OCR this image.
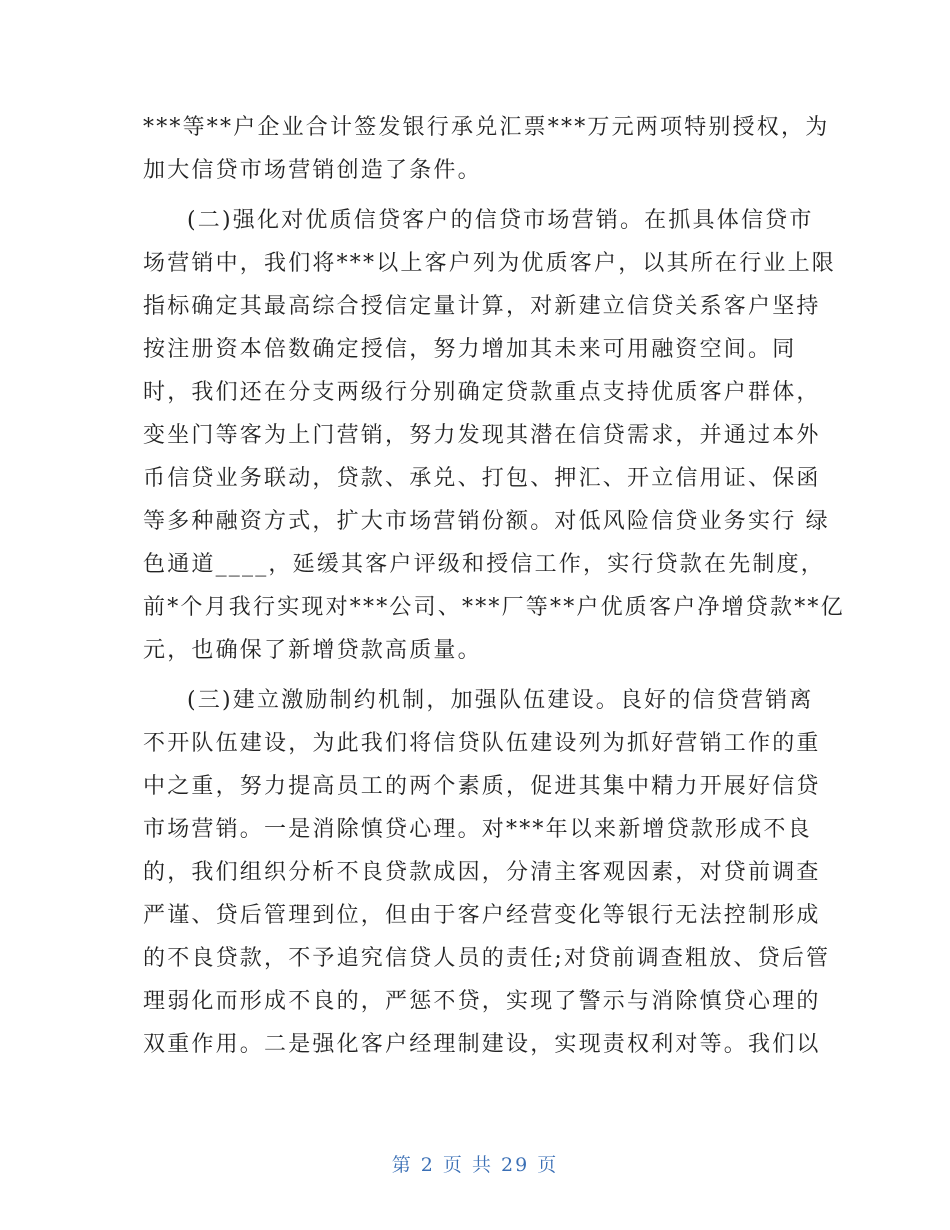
***等**户企业合计签发银行承兑汇票***万元两项特别授权，为
加大信贷市场营销创造了条件。
(二)强化对优质信贷客户的信贷市场营销。在抓具体信贷市
场营销中，我们将***以上客户列为优质客户，以其所在行业上限
指标确定其最高综合授信定量计算，对新建立信贷关系客户坚持
按注册资本倍数确定授信，努力增加其未来可用融资空间。同
时，我们还在分支两级行分别确定贷款重点支持优质客户群体，
变坐门等客为上门营销，努力发现其潜在信贷需求，并通过本外
币信贷业务联动，贷款、承兑、打包、押汇、开立信用证、保函
等多种融资方式，扩大市场营销份额。对低风险信贷业务实行 绿
色通道____，延缓其客户评级和授信工作，实行贷款在先制度，
前*个月我行实现对***公司、***厂等**户优质客户净增贷款**亿
元，也确保了新增贷款高质量。
(三)建立激励制约机制，加强队伍建设。良好的信贷营销离
不开队伍建设，为此我们将信贷队伍建设列为抓好营销工作的重
中之重，努力提高员工的两个素质，促进其集中精力开展好信贷
市场营销。一是消除慎贷心理。对***年以来新增贷款形成不良
的，我们组织分析不良贷款成因，分清主客观因素，对贷前调查
严谨、贷后管理到位，但由于客户经营变化等银行无法控制形成
的不良贷款，不予追究信贷人员的责任;对贷前调查粗放、贷后管
理弱化而形成不良的，严惩不贷，实现了警示与消除慎贷心理的
双重作用。二是强化客户经理制建设，实现责权利对等。我们以
第 2 页 共 29 页
